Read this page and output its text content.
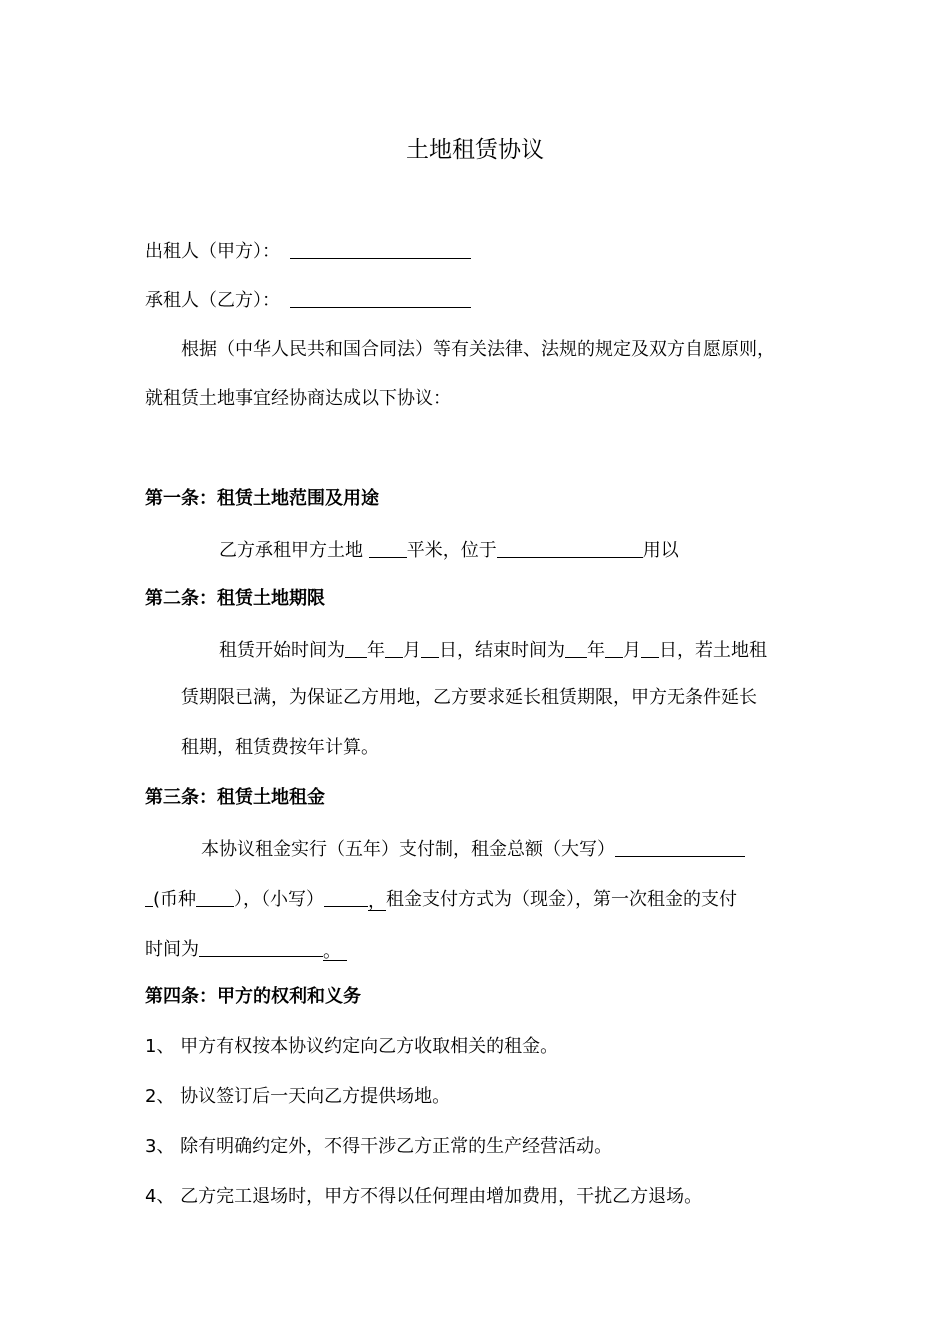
土地租赁协议
出租人（甲方）：
承租人（乙方）：
根据（中华人民共和国合同法）等有关法律、法规的规定及双方自愿原则，
就租赁土地事宜经协商达成以下协议：
第一条：租赁土地范围及用途
乙方承租甲方土地 平米，位于	用以
第二条：租赁土地期限
租赁开始时间为 年 月 日，结束时间为 年 月 日，若土地租
赁期限已满，为保证乙方用地，乙方要求延长租赁期限，甲方无条件延长
租期，租赁费按年计算。
第三条：租赁土地租金
本协议租金实行（五年）支付制，租金总额（大写）
(币种 ），（小写） ，租金支付方式为（现金），第一次租金的支付
时间为	。
第四条：甲方的权利和义务
1、 甲方有权按本协议约定向乙方收取相关的租金。
2、 协议签订后一天向乙方提供场地。
3、 除有明确约定外，不得干涉乙方正常的生产经营活动。
4、 乙方完工退场时，甲方不得以任何理由增加费用，干扰乙方退场。
